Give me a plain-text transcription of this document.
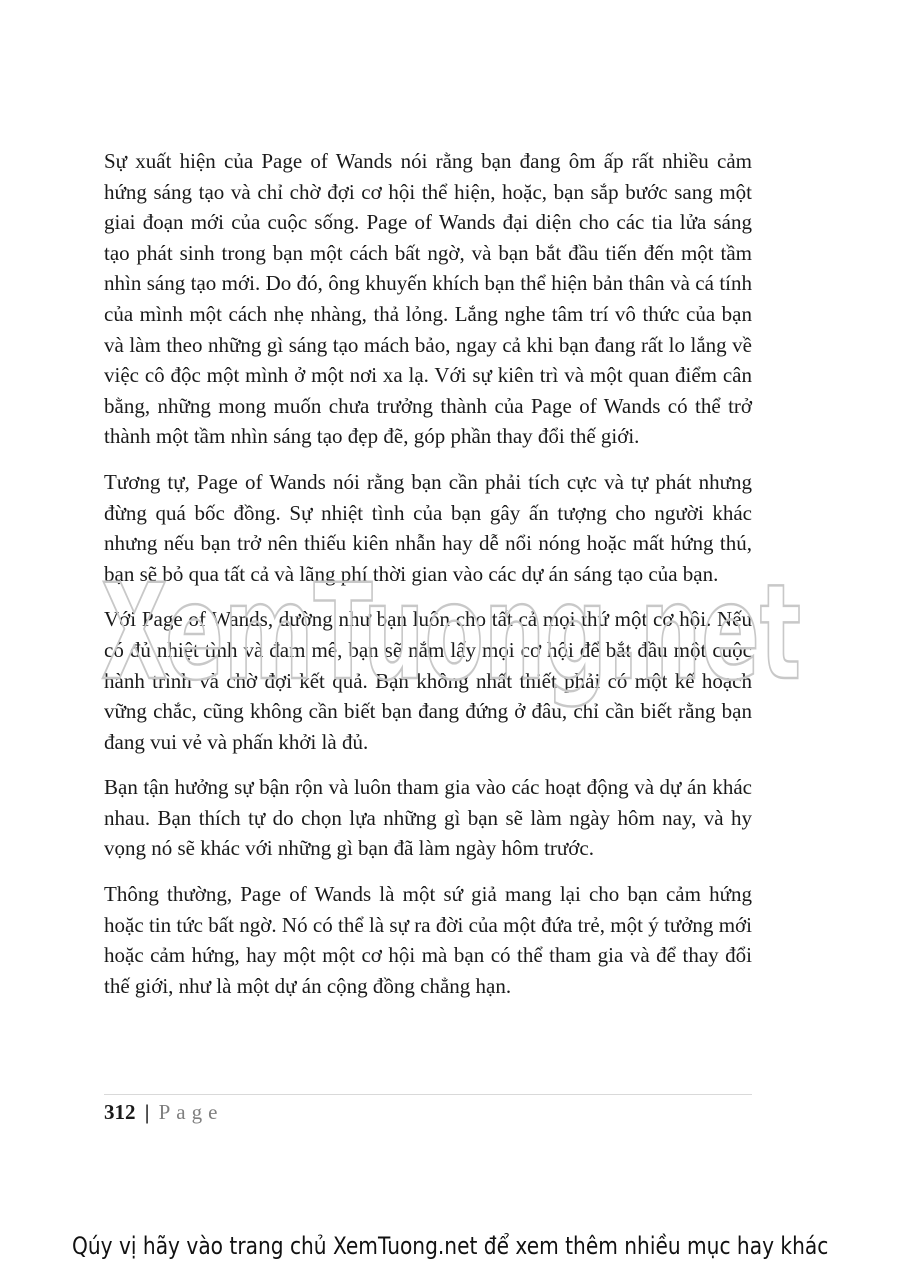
Sự xuất hiện của Page of Wands nói rằng bạn đang ôm ấp rất nhiều cảm hứng sáng tạo và chỉ chờ đợi cơ hội thể hiện, hoặc, bạn sắp bước sang một giai đoạn mới của cuộc sống. Page of Wands đại diện cho các tia lửa sáng tạo phát sinh trong bạn một cách bất ngờ, và bạn bắt đầu tiến đến một tầm nhìn sáng tạo mới. Do đó, ông khuyến khích bạn thể hiện bản thân và cá tính của mình một cách nhẹ nhàng, thả lỏng. Lắng nghe tâm trí vô thức của bạn và làm theo những gì sáng tạo mách bảo, ngay cả khi bạn đang rất lo lắng về việc cô độc một mình ở một nơi xa lạ. Với sự kiên trì và một quan điểm cân bằng, những mong muốn chưa trưởng thành của Page of Wands có thể trở thành một tầm nhìn sáng tạo đẹp đẽ, góp phần thay đổi thế giới.

Tương tự, Page of Wands nói rằng bạn cần phải tích cực và tự phát nhưng đừng quá bốc đồng. Sự nhiệt tình của bạn gây ấn tượng cho người khác nhưng nếu bạn trở nên thiếu kiên nhẫn hay dễ nổi nóng hoặc mất hứng thú, bạn sẽ bỏ qua tất cả và lãng phí thời gian vào các dự án sáng tạo của bạn.

Với Page of Wands, dường như bạn luôn cho tất cả mọi thứ một cơ hội. Nếu có đủ nhiệt tình và đam mê, bạn sẽ nắm lấy mọi cơ hội để bắt đầu một cuộc hành trình và chờ đợi kết quả. Bạn không nhất thiết phải có một kế hoạch vững chắc, cũng không cần biết bạn đang đứng ở đâu, chỉ cần biết rằng bạn đang vui vẻ và phấn khởi là đủ.

Bạn tận hưởng sự bận rộn và luôn tham gia vào các hoạt động và dự án khác nhau. Bạn thích tự do chọn lựa những gì bạn sẽ làm ngày hôm nay, và hy vọng nó sẽ khác với những gì bạn đã làm ngày hôm trước.

Thông thường, Page of Wands là một sứ giả mang lại cho bạn cảm hứng hoặc tin tức bất ngờ. Nó có thể là sự ra đời của một đứa trẻ, một ý tưởng mới hoặc cảm hứng, hay một một cơ hội mà bạn có thể tham gia và để thay đổi thế giới, như là một dự án cộng đồng chẳng hạn.

XemTuong.net
312 | Page
Qúy vị hãy vào trang chủ XemTuong.net để xem thêm nhiều mục hay khác
